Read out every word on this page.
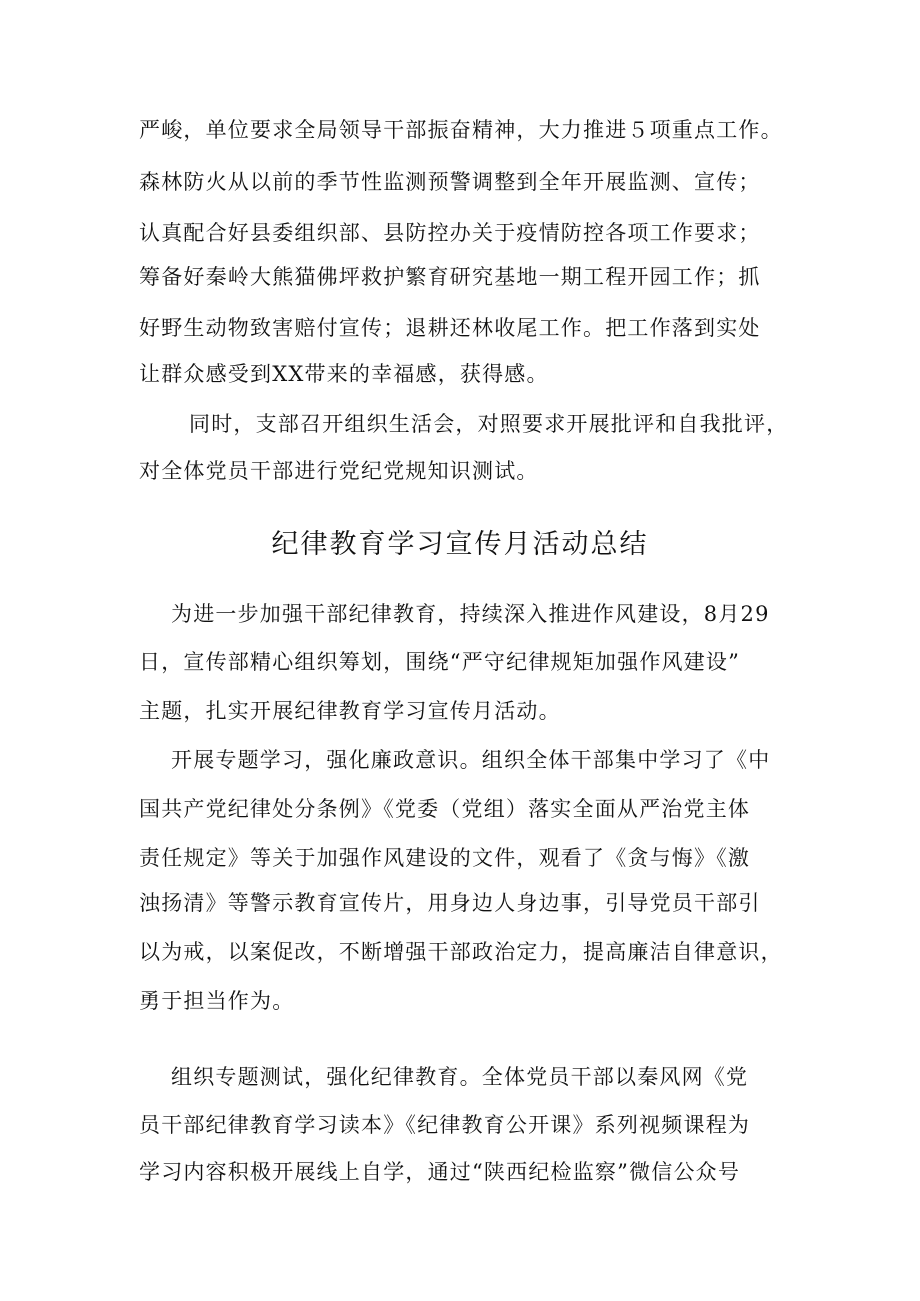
严峻，单位要求全局领导干部振奋精神，大力推进５项重点工作。
森林防火从以前的季节性监测预警调整到全年开展监测、宣传；
认真配合好县委组织部、县防控办关于疫情防控各项工作要求；
筹备好秦岭大熊猫佛坪救护繁育研究基地一期工程开园工作；抓
好野生动物致害赔付宣传；退耕还林收尾工作。把工作落到实处
让群众感受到XX带来的幸福感，获得感。
同时，支部召开组织生活会，对照要求开展批评和自我批评，
对全体党员干部进行党纪党规知识测试。
纪律教育学习宣传月活动总结
为进一步加强干部纪律教育，持续深入推进作风建设，8月29
日，宣传部精心组织筹划，围绕“严守纪律规矩加强作风建设”
主题，扎实开展纪律教育学习宣传月活动。
开展专题学习，强化廉政意识。组织全体干部集中学习了《中
国共产党纪律处分条例》《党委（党组）落实全面从严治党主体
责任规定》等关于加强作风建设的文件，观看了《贪与悔》《激
浊扬清》等警示教育宣传片，用身边人身边事，引导党员干部引
以为戒，以案促改，不断增强干部政治定力，提高廉洁自律意识，
勇于担当作为。
组织专题测试，强化纪律教育。全体党员干部以秦风网《党
员干部纪律教育学习读本》《纪律教育公开课》系列视频课程为
学习内容积极开展线上自学，通过“陕西纪检监察”微信公众号
